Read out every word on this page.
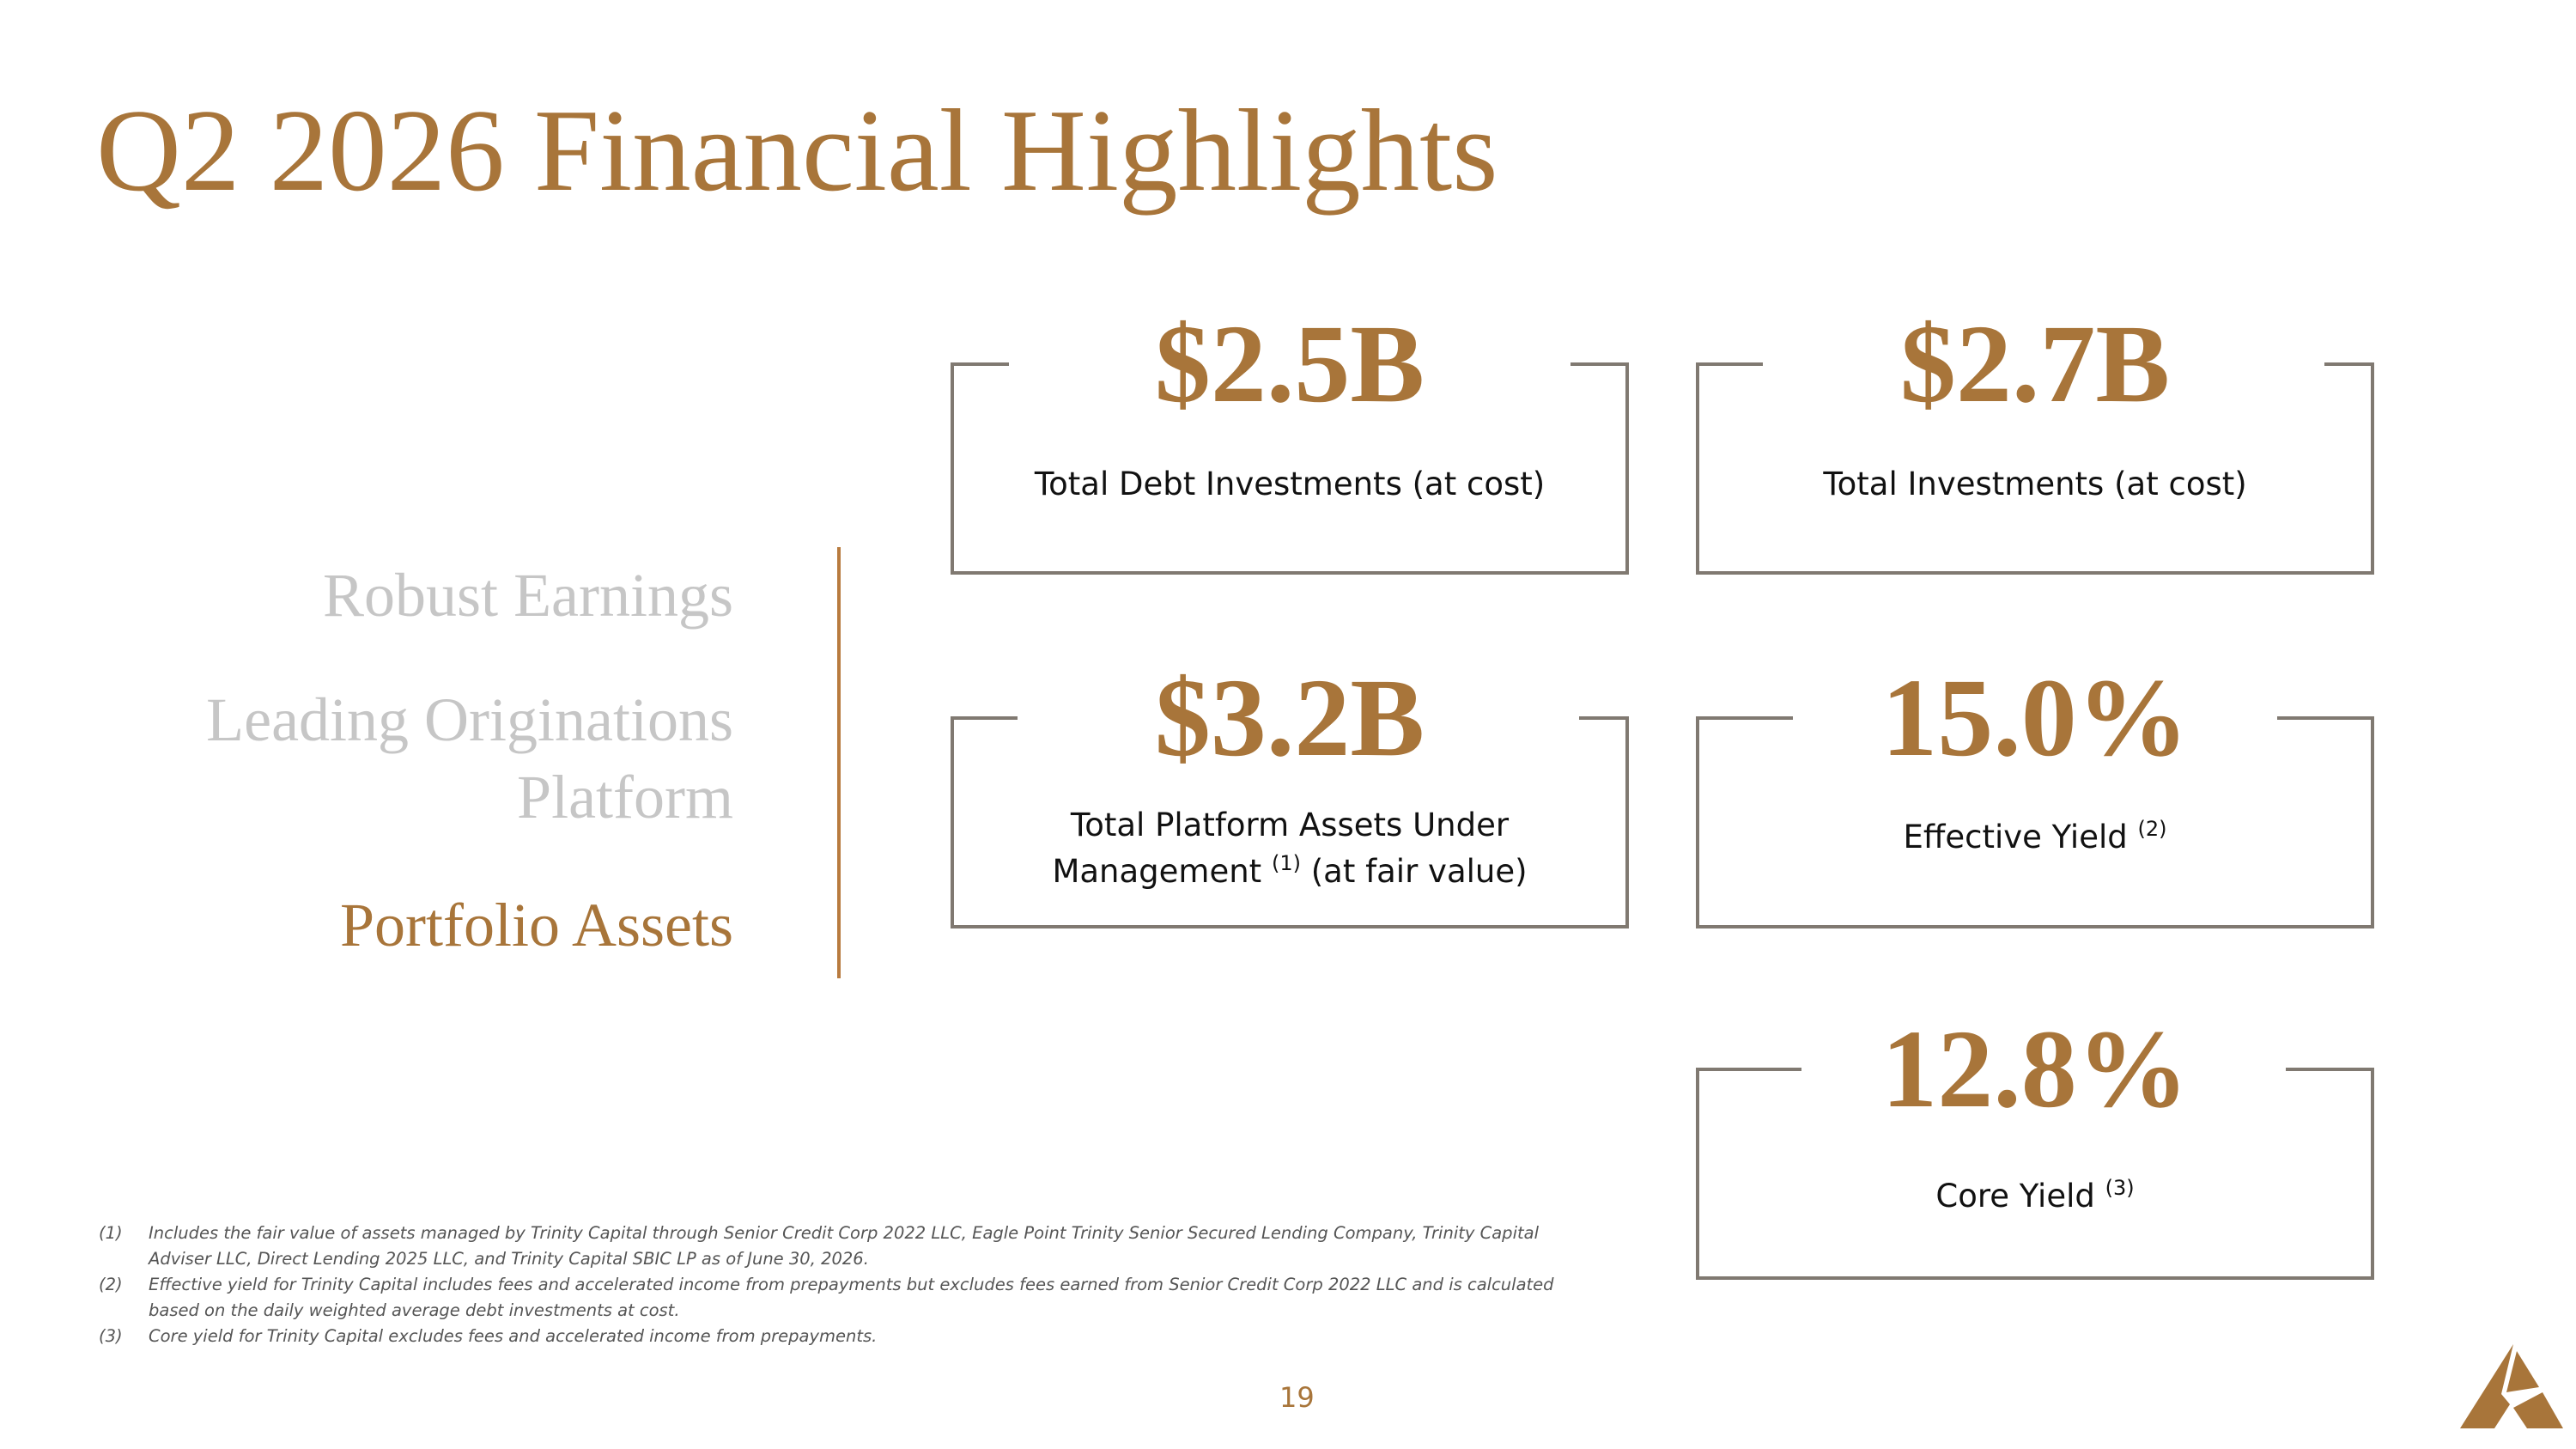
Q2 2026 Financial Highlights
Robust Earnings
Leading Originations
Platform
Portfolio Assets
$2.5B
Total Debt Investments (at cost)
$2.7B
Total Investments (at cost)
$3.2B
Total Platform Assets Under
Management $^{(1)}$ (at fair value)
15.0%
Effective Yield $^{(2)}$
12.8%
Core Yield $^{(3)}$
(1)	Includes the fair value of assets managed by Trinity Capital through Senior Credit Corp 2022 LLC, Eagle Point Trinity Senior Secured Lending Company, Trinity Capital Adviser LLC, Direct Lending 2025 LLC, and Trinity Capital SBIC LP as of June 30, 2026.
(2)	Effective yield for Trinity Capital includes fees and accelerated income from prepayments but excludes fees earned from Senior Credit Corp 2022 LLC and is calculated based on the daily weighted average debt investments at cost.
(3)	Core yield for Trinity Capital excludes fees and accelerated income from prepayments.
19
